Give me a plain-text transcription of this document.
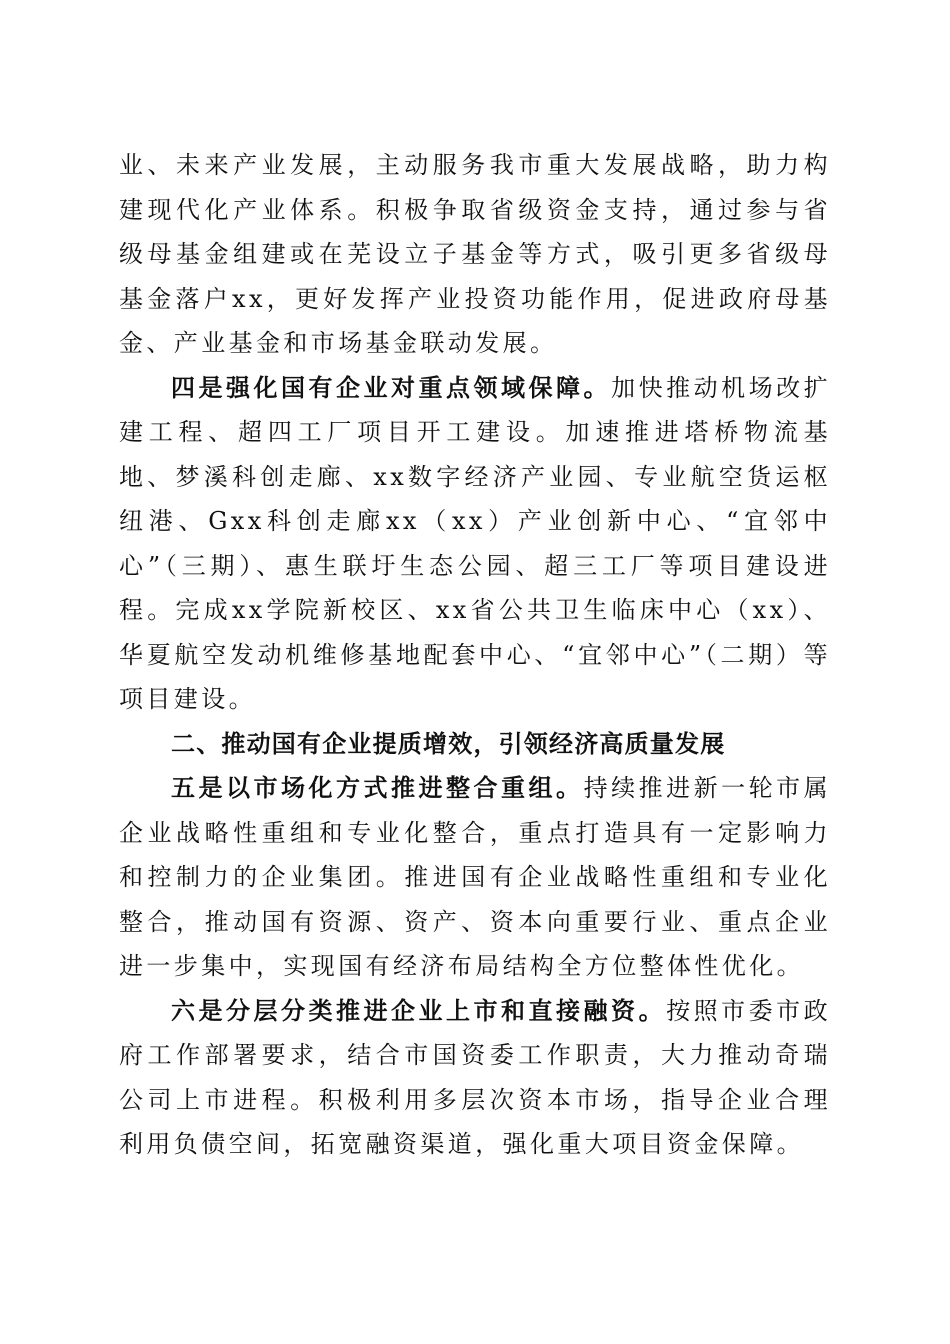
业、未来产业发展，主动服务我市重大发展战略，助力构建现代化产业体系。积极争取省级资金支持，通过参与省级母基金组建或在芜设立子基金等方式，吸引更多省级母基金落户xx，更好发挥产业投资功能作用，促进政府母基金、产业基金和市场基金联动发展。

四是强化国有企业对重点领域保障。加快推动机场改扩建工程、超四工厂项目开工建设。加速推进塔桥物流基地、梦溪科创走廊、xx数字经济产业园、专业航空货运枢纽港、Gxx科创走廊xx（xx）产业创新中心、“宜邻中心”（三期）、惠生联圩生态公园、超三工厂等项目建设进程。完成xx学院新校区、xx省公共卫生临床中心（xx）、华夏航空发动机维修基地配套中心、“宜邻中心”（二期）等项目建设。

二、推动国有企业提质增效，引领经济高质量发展

五是以市场化方式推进整合重组。持续推进新一轮市属企业战略性重组和专业化整合，重点打造具有一定影响力和控制力的企业集团。推进国有企业战略性重组和专业化整合，推动国有资源、资产、资本向重要行业、重点企业进一步集中，实现国有经济布局结构全方位整体性优化。

六是分层分类推进企业上市和直接融资。按照市委市政府工作部署要求，结合市国资委工作职责，大力推动奇瑞公司上市进程。积极利用多层次资本市场，指导企业合理利用负债空间，拓宽融资渠道，强化重大项目资金保障。
